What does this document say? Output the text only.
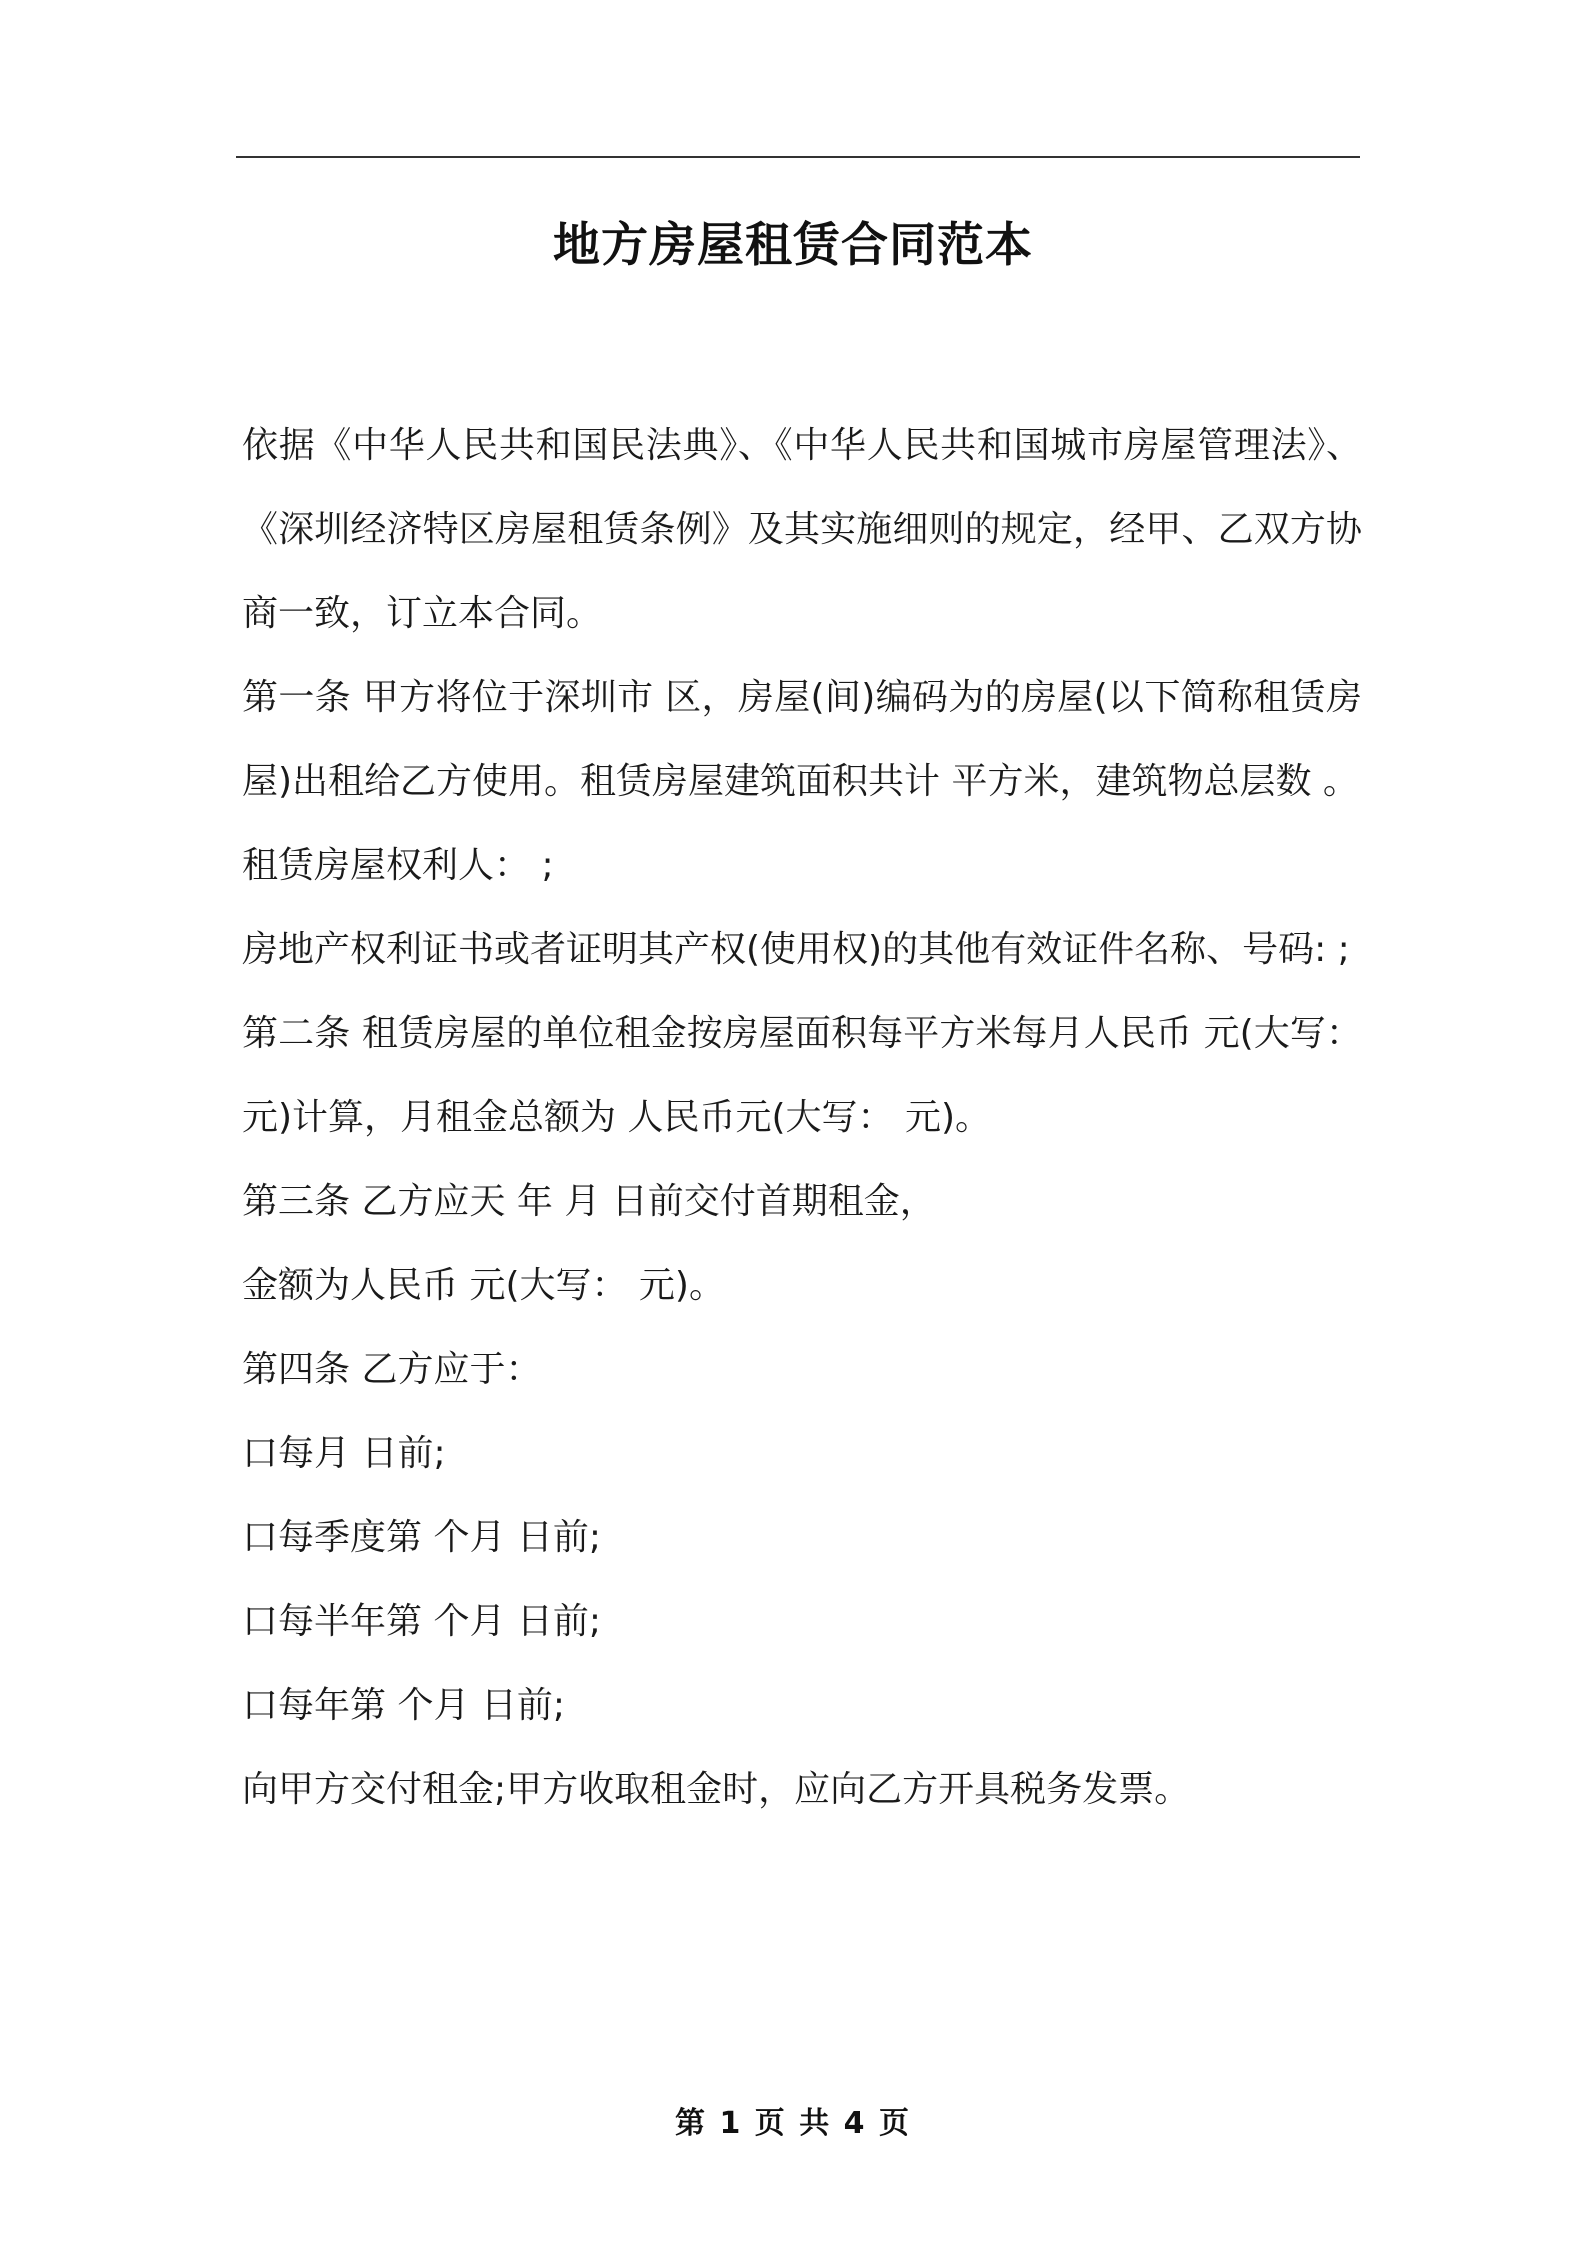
地方房屋租赁合同范本

依据《中华人民共和国民法典》、《中华人民共和国城市房屋管理法》、《深圳经济特区房屋租赁条例》及其实施细则的规定，经甲、乙双方协商一致，订立本合同。

第一条 甲方将位于深圳市 区，房屋(间)编码为的房屋(以下简称租赁房屋)出租给乙方使用。租赁房屋建筑面积共计 平方米，建筑物总层数 。

租赁房屋权利人： ;

房地产权利证书或者证明其产权(使用权)的其他有效证件名称、号码: ;

第二条 租赁房屋的单位租金按房屋面积每平方米每月人民币 元(大写： 元)计算，月租金总额为 人民币元(大写： 元)。

第三条 乙方应天 年 月 日前交付首期租金，

金额为人民币 元(大写： 元)。

第四条 乙方应于：

口每月 日前;

口每季度第 个月 日前;

口每半年第 个月 日前;

口每年第 个月 日前;

向甲方交付租金;甲方收取租金时，应向乙方开具税务发票。

第 1 页 共 4 页
